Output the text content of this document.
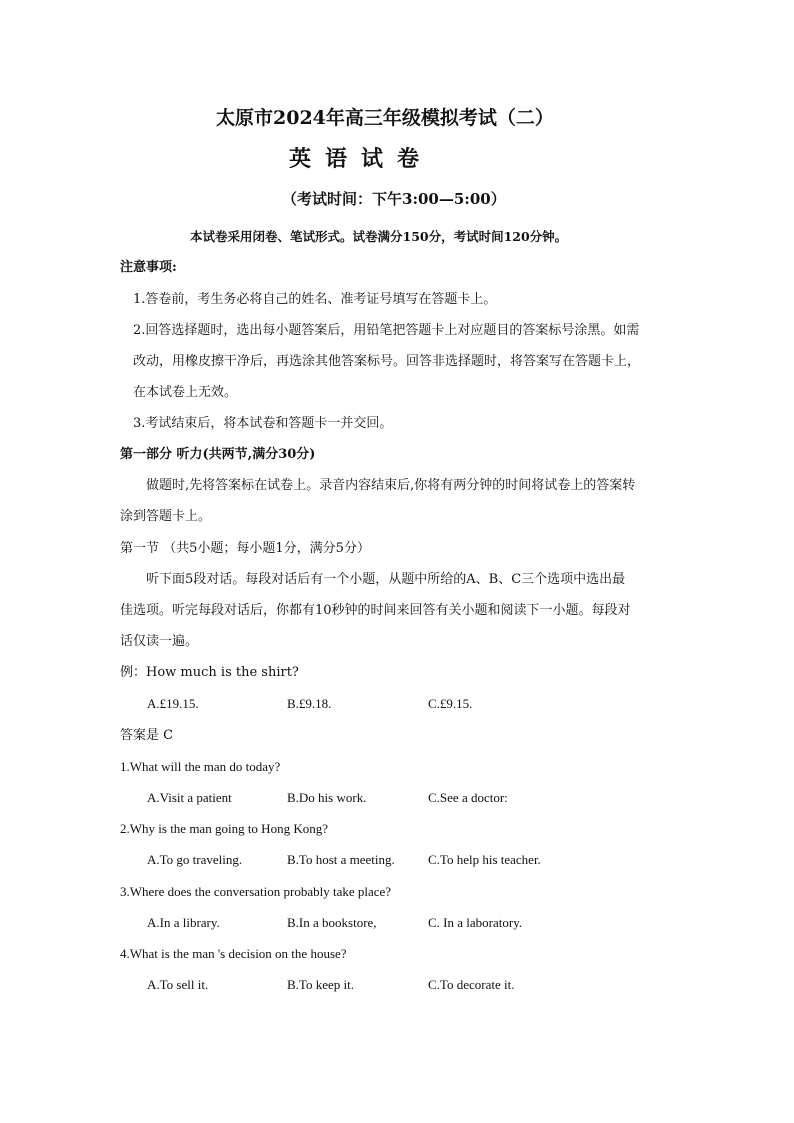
太原市2024年高三年级模拟考试（二）
英语试卷
（考试时间：下午3:00—5:00）
本试卷采用闭卷、笔试形式。试卷满分150分，考试时间120分钟。
注意事项:
1.答卷前，考生务必将自己的姓名、准考证号填写在答题卡上。
2.回答选择题时，选出每小题答案后，用铅笔把答题卡上对应题目的答案标号涂黑。如需
改动，用橡皮擦干净后，再选涂其他答案标号。回答非选择题时，将答案写在答题卡上，
在本试卷上无效。
3.考试结束后，将本试卷和答题卡一并交回。
第一部分 听力(共两节,满分30分)
做题时,先将答案标在试卷上。录音内容结束后,你将有两分钟的时间将试卷上的答案转
涂到答题卡上。
第一节 （共5小题；每小题1分，满分5分）
听下面5段对话。每段对话后有一个小题，从题中所给的A、B、C三个选项中选出最
佳选项。听完每段对话后，你都有10秒钟的时间来回答有关小题和阅读下一小题。每段对
话仅读一遍。
例：How much is the shirt?
A.£19.15.	B.£9.18.	C.£9.15.
答案是 C
1.What will the man do today?
A.Visit a patient	B.Do his work.	C.See a doctor:
2.Why is the man going to Hong Kong?
A.To go traveling.	B.To host a meeting.	C.To help his teacher.
3.Where does the conversation probably take place?
A.In a library.	B.In a bookstore,	C. In a laboratory.
4.What is the man 's decision on the house?
A.To sell it.	B.To keep it.	C.To decorate it.
